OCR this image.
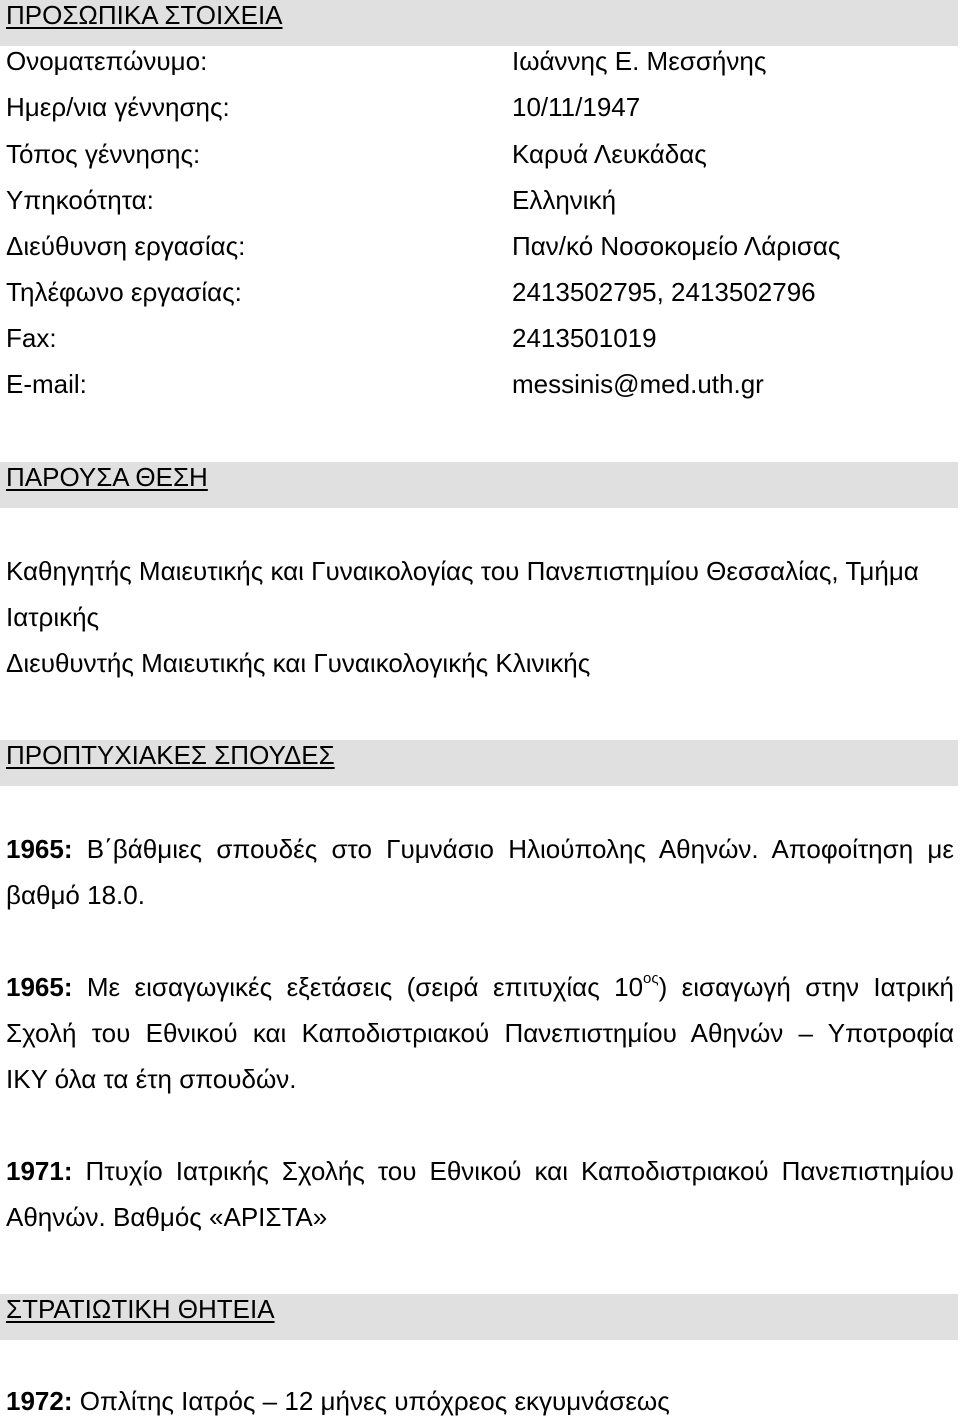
ΠΡΟΣΩΠΙΚΑ ΣΤΟΙΧΕΙΑ
Ονοματεπώνυμο:	Ιωάννης Ε. Μεσσήνης
Ημερ/νια γέννησης:	10/11/1947
Τόπος γέννησης:	Καρυά Λευκάδας
Υπηκοότητα:	Ελληνική
Διεύθυνση εργασίας:	Παν/κό Νοσοκομείο Λάρισας
Τηλέφωνο εργασίας:	2413502795, 2413502796
Fax:	2413501019
E-mail:	messinis@med.uth.gr
ΠΑΡΟΥΣΑ ΘΕΣΗ
Καθηγητής Μαιευτικής και Γυναικολογίας του Πανεπιστημίου Θεσσαλίας, Τμήμα
Ιατρικής
Διευθυντής Μαιευτικής και Γυναικολογικής Κλινικής
ΠΡΟΠΤΥΧΙΑΚΕΣ ΣΠΟΥΔΕΣ
1965: Β΄βάθμιες σπουδές στο Γυμνάσιο Ηλιούπολης Αθηνών. Αποφοίτηση με
βαθμό 18.0.
1965: Με εισαγωγικές εξετάσεις (σειρά επιτυχίας $10^{o\varsigma}$) εισαγωγή στην Ιατρική
Σχολή του Εθνικού και Καποδιστριακού Πανεπιστημίου Αθηνών – Υποτροφία
ΙΚΥ όλα τα έτη σπουδών.
1971: Πτυχίο Ιατρικής Σχολής του Εθνικού και Καποδιστριακού Πανεπιστημίου
Αθηνών. Βαθμός «ΑΡΙΣΤΑ»
ΣΤΡΑΤΙΩΤΙΚΗ ΘΗΤΕΙΑ
1972: Οπλίτης Ιατρός – 12 μήνες υπόχρεος εκγυμνάσεως
